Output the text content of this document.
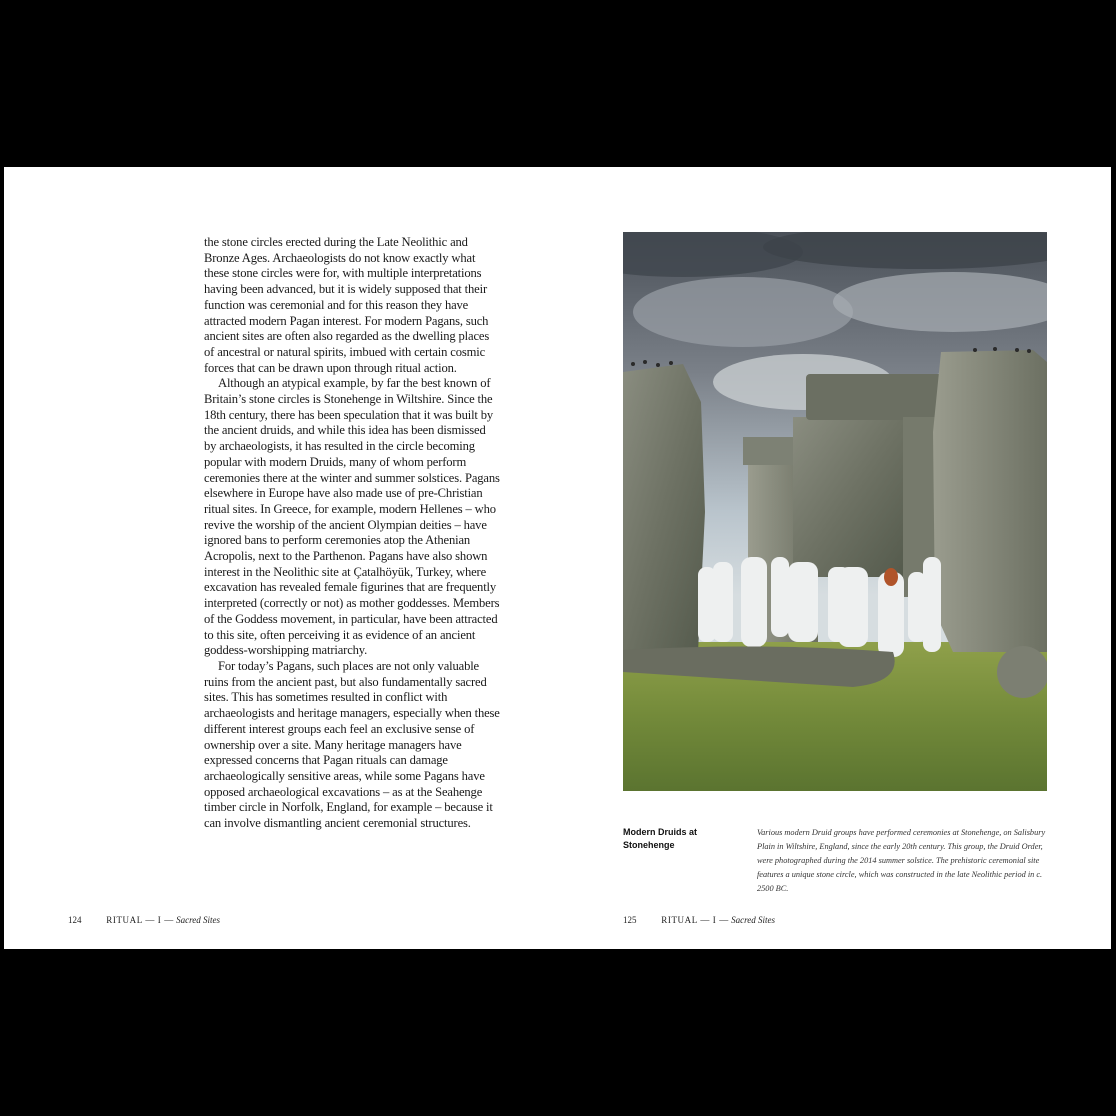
the stone circles erected during the Late Neolithic and Bronze Ages. Archaeologists do not know exactly what these stone circles were for, with multiple interpretations having been advanced, but it is widely supposed that their function was ceremonial and for this reason they have attracted modern Pagan interest. For modern Pagans, such ancient sites are often also regarded as the dwelling places of ancestral or natural spirits, imbued with certain cosmic forces that can be drawn upon through ritual action.

Although an atypical example, by far the best known of Britain’s stone circles is Stonehenge in Wiltshire. Since the 18th century, there has been speculation that it was built by the ancient druids, and while this idea has been dismissed by archaeologists, it has resulted in the circle becoming popular with modern Druids, many of whom perform ceremonies there at the winter and summer solstices. Pagans elsewhere in Europe have also made use of pre-Christian ritual sites. In Greece, for example, modern Hellenes – who revive the worship of the ancient Olympian deities – have ignored bans to perform ceremonies atop the Athenian Acropolis, next to the Parthenon. Pagans have also shown interest in the Neolithic site at Çatalhöyük, Turkey, where excavation has revealed female figurines that are frequently interpreted (correctly or not) as mother goddesses. Members of the Goddess movement, in particular, have been attracted to this site, often perceiving it as evidence of an ancient goddess-worshipping matriarchy.

For today’s Pagans, such places are not only valuable ruins from the ancient past, but also fundamentally sacred sites. This has sometimes resulted in conflict with archaeologists and heritage managers, especially when these different interest groups each feel an exclusive sense of ownership over a site. Many heritage managers have expressed concerns that Pagan rituals can damage archaeologically sensitive areas, while some Pagans have opposed archaeological excavations – as at the Seahenge timber circle in Norfolk, England, for example – because it can involve dismantling ancient ceremonial structures.

124	RITUAL — I — Sacred Sites
Modern Druids at Stonehenge
Various modern Druid groups have performed ceremonies at Stonehenge, on Salisbury Plain in Wiltshire, England, since the early 20th century. This group, the Druid Order, were photographed during the 2014 summer solstice. The prehistoric ceremonial site features a unique stone circle, which was constructed in the late Neolithic period in c. 2500 BC.
125	RITUAL — I — Sacred Sites
